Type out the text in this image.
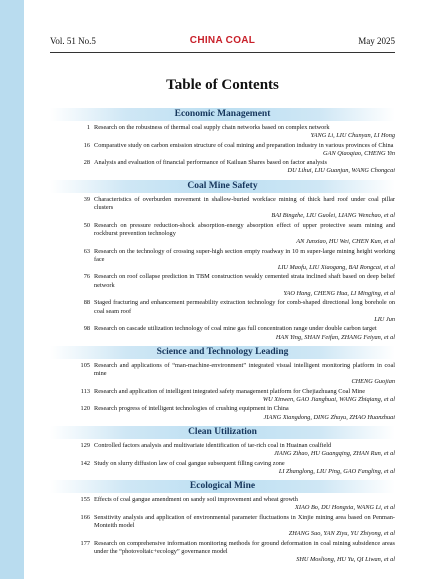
Vol. 51 No.5	CHINA COAL	May 2025
Table of Contents
Economic Management
1 Research on the robustness of thermal coal supply chain networks based on complex network
YANG Li, LIU Chunyan, LI Hong
16 Comparative study on carbon emission structure of coal mining and preparation industry in various provinces of China
GAN Qiaoqiao, CHENG Yin
28 Analysis and evaluation of financial performance of Kailuan Shares based on factor analysis
DU Lihui, LIU Guanjun, WANG Chongcai
Coal Mine Safety
39 Characteristics of overburden movement in shallow-buried workface mining of thick hard roof under coal pillar clusters
BAI Bingzhe, LIU Guolei, LIANG Wenchao, et al
50 Research on pressure reduction-shock absorption-energy absorption effect of upper protective seam mining and rockburst prevention technology
AN Junxiao, HU Wei, CHEN Kun, et al
63 Research on the technology of crossing super-high section empty roadway in 10 m super-large mining height working face
LIU Maofu, LIU Xiaogang, BAI Rongcai, et al
76 Research on roof collapse prediction in TBM construction weakly cemented strata inclined shaft based on deep belief network
YAO Hang, CHENG Hua, LI Mingjing, et al
88 Staged fracturing and enhancement permeability extraction technology for comb-shaped directional long borehole on coal seam roof
LIU Jun
98 Research on cascade utilization technology of coal mine gas full concentration range under double carbon target
HAN Ying, SHAN Feifan, ZHANG Feiyan, et al
Science and Technology Leading
105 Research and applications of “man-machine-environment” integrated visual intelligent monitoring platform in coal mine
CHENG Guojian
113 Research and application of intelligent integrated safety management platform for Chejiazhuang Coal Mine
WU Xinwen, GAO Jianghuai, WANG Zhiqiang, et al
120 Research progress of intelligent technologies of crushing equipment in China
JIANG Xiangdong, DING Zhuyu, ZHAO Huanzhuai
Clean Utilization
129 Controlled factors analysis and multivariate identification of tar-rich coal in Huainan coalfield
JIANG Zihao, HU Guangqing, ZHAN Run, et al
142 Study on slurry diffusion law of coal gangue subsequent filling caving zone
LI Zhanglong, LIU Ping, GAO Fangling, et al
Ecological Mine
155 Effects of coal gangue amendment on sandy soil improvement and wheat growth
XIAO Bo, DU Hongxia, WANG Li, et al
166 Sensitivity analysis and application of environmental parameter fluctuations in Xinjie mining area based on Penman-Monteith model
ZHANG Suo, YAN Ziyu, YU Zhiyong, et al
177 Research on comprehensive information monitoring methods for ground deformation in coal mining subsidence areas under the “photovoltaic+ecology” governance model
SHU Mosliong, HU Yu, QI Liwan, et al
